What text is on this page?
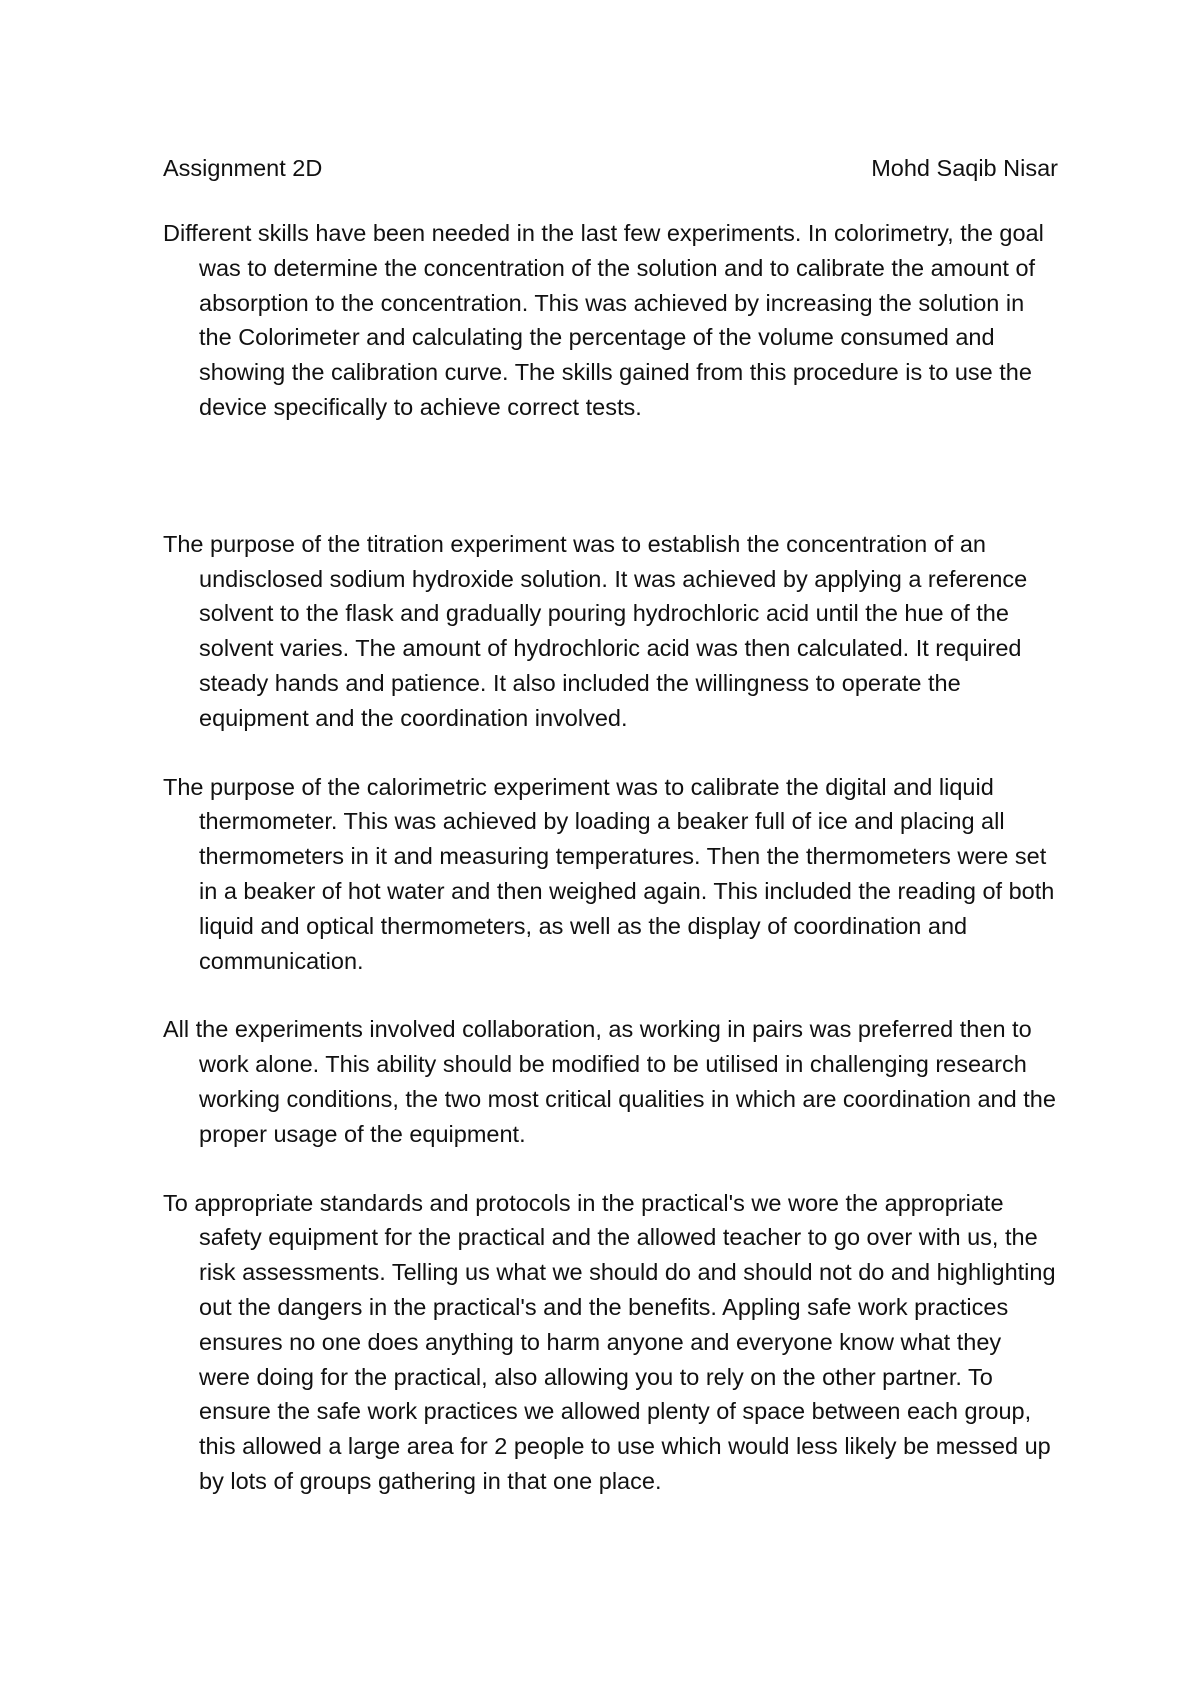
Assignment 2D	Mohd Saqib Nisar

Different skills have been needed in the last few experiments. In colorimetry, the goal was to determine the concentration of the solution and to calibrate the amount of absorption to the concentration. This was achieved by increasing the solution in the Colorimeter and calculating the percentage of the volume consumed and showing the calibration curve. The skills gained from this procedure is to use the device specifically to achieve correct tests.

The purpose of the titration experiment was to establish the concentration of an undisclosed sodium hydroxide solution. It was achieved by applying a reference solvent to the flask and gradually pouring hydrochloric acid until the hue of the solvent varies. The amount of hydrochloric acid was then calculated. It required steady hands and patience. It also included the willingness to operate the equipment and the coordination involved.

The purpose of the calorimetric experiment was to calibrate the digital and liquid thermometer. This was achieved by loading a beaker full of ice and placing all thermometers in it and measuring temperatures. Then the thermometers were set in a beaker of hot water and then weighed again. This included the reading of both liquid and optical thermometers, as well as the display of coordination and communication.

All the experiments involved collaboration, as working in pairs was preferred then to work alone. This ability should be modified to be utilised in challenging research working conditions, the two most critical qualities in which are coordination and the proper usage of the equipment.

To appropriate standards and protocols in the practical's we wore the appropriate safety equipment for the practical and the allowed teacher to go over with us, the risk assessments. Telling us what we should do and should not do and highlighting out the dangers in the practical's and the benefits. Appling safe work practices ensures no one does anything to harm anyone and everyone know what they were doing for the practical, also allowing you to rely on the other partner. To ensure the safe work practices we allowed plenty of space between each group, this allowed a large area for 2 people to use which would less likely be messed up by lots of groups gathering in that one place.
